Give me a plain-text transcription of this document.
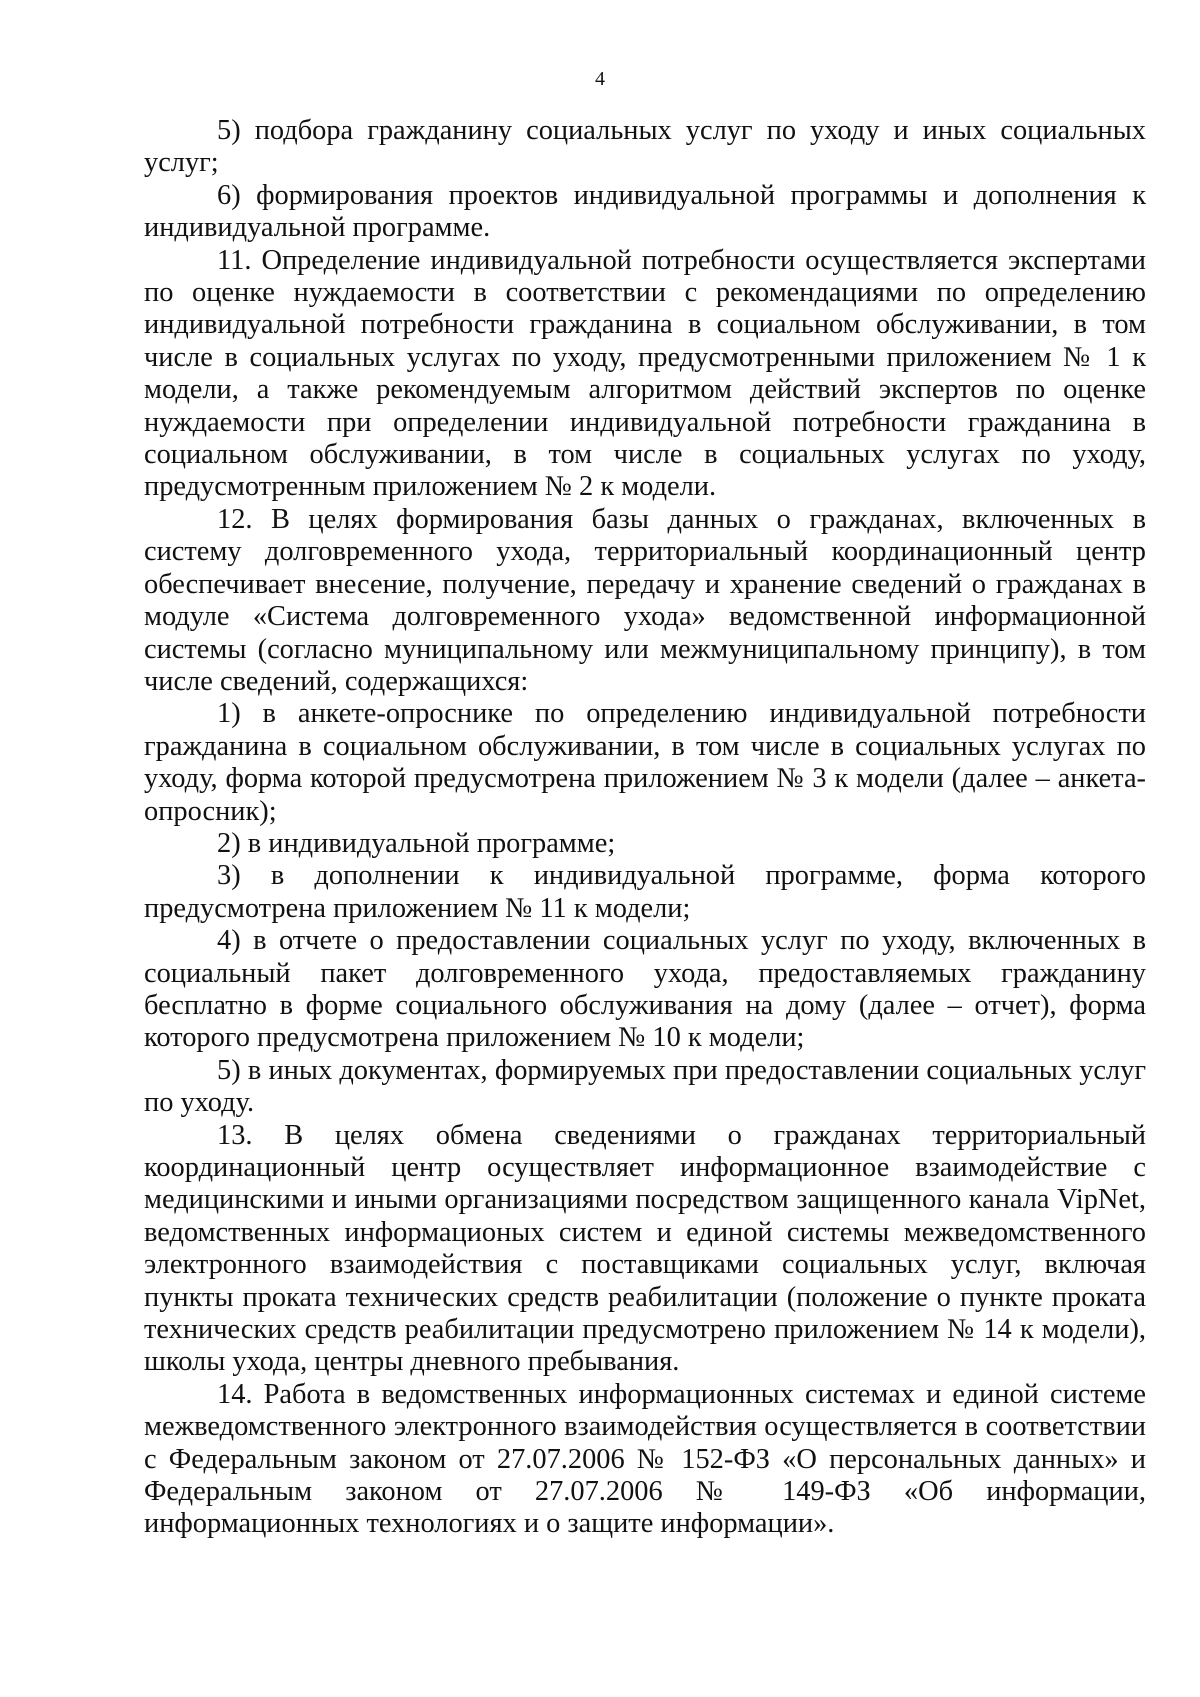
4

5) подбора гражданину социальных услуг по уходу и иных социальных услуг;

6) формирования проектов индивидуальной программы и дополнения к индивидуальной программе.

11. Определение индивидуальной потребности осуществляется экспертами по оценке нуждаемости в соответствии с рекомендациями по определению индивидуальной потребности гражданина в социальном обслуживании, в том числе в социальных услугах по уходу, предусмотренными приложением № 1 к модели, а также рекомендуемым алгоритмом действий экспертов по оценке нуждаемости при определении индивидуальной потребности гражданина в социальном обслуживании, в том числе в социальных услугах по уходу, предусмотренным приложением № 2 к модели.

12. В целях формирования базы данных о гражданах, включенных в систему долговременного ухода, территориальный координационный центр обеспечивает внесение, получение, передачу и хранение сведений о гражданах в модуле «Система долговременного ухода» ведомственной информационной системы (согласно муниципальному или межмуниципальному принципу), в том числе сведений, содержащихся:

1) в анкете-опроснике по определению индивидуальной потребности гражданина в социальном обслуживании, в том числе в социальных услугах по уходу, форма которой предусмотрена приложением № 3 к модели (далее – анкета-опросник);

2) в индивидуальной программе;

3) в дополнении к индивидуальной программе, форма которого предусмотрена приложением № 11 к модели;

4) в отчете о предоставлении социальных услуг по уходу, включенных в социальный пакет долговременного ухода, предоставляемых гражданину бесплатно в форме социального обслуживания на дому (далее – отчет), форма которого предусмотрена приложением № 10 к модели;

5) в иных документах, формируемых при предоставлении социальных услуг по уходу.

13. В целях обмена сведениями о гражданах территориальный координационный центр осуществляет информационное взаимодействие с медицинскими и иными организациями посредством защищенного канала VipNet, ведомственных информационых систем и единой системы межведомственного электронного взаимодействия с поставщиками социальных услуг, включая пункты проката технических средств реабилитации (положение о пункте проката технических средств реабилитации предусмотрено приложением № 14 к модели), школы ухода, центры дневного пребывания.

14. Работа в ведомственных информационных системах и единой системе межведомственного электронного взаимодействия осуществляется в соответствии с Федеральным законом от 27.07.2006 № 152-ФЗ «О персональных данных» и Федеральным законом от 27.07.2006 № 149-ФЗ «Об информации, информационных технологиях и о защите информации».
